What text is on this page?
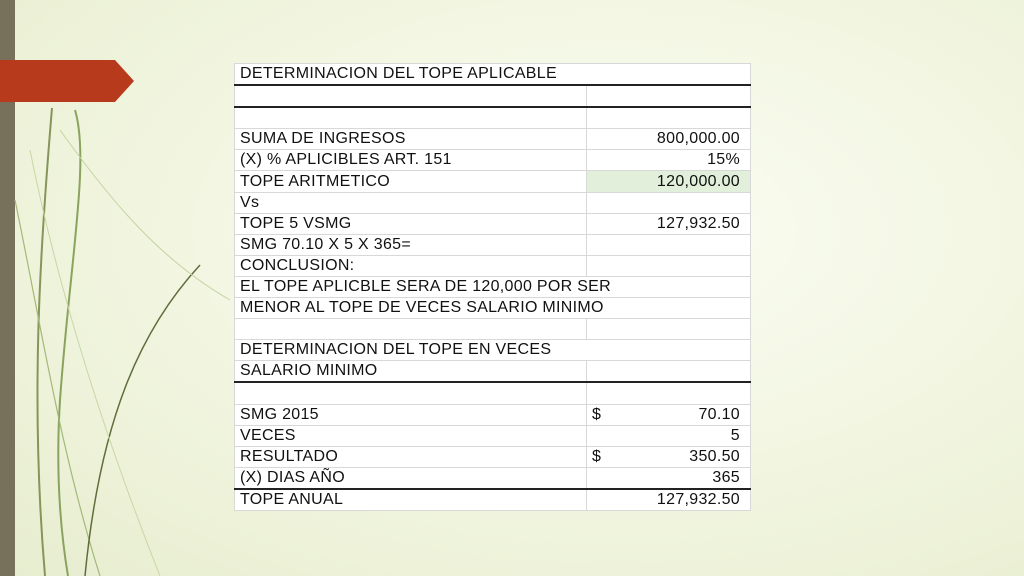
DETERMINACION DEL TOPE APLICABLE	

SUMA DE INGRESOS	800,000.00
(X) % APLICIBLES ART. 151	15%
TOPE ARITMETICO	120,000.00
Vs	
TOPE 5 VSMG	127,932.50
SMG 70.10 X 5 X 365=	
CONCLUSION:	
EL TOPE APLICBLE SERA DE 120,000 POR SER	
MENOR AL TOPE DE VECES SALARIO MINIMO	

DETERMINACION DEL TOPE EN VECES	
SALARIO MINIMO	

SMG 2015	$ 70.10

VECES	5
RESULTADO	$ 350.50

(X) DIAS AÑO	365
TOPE ANUAL	127,932.50
